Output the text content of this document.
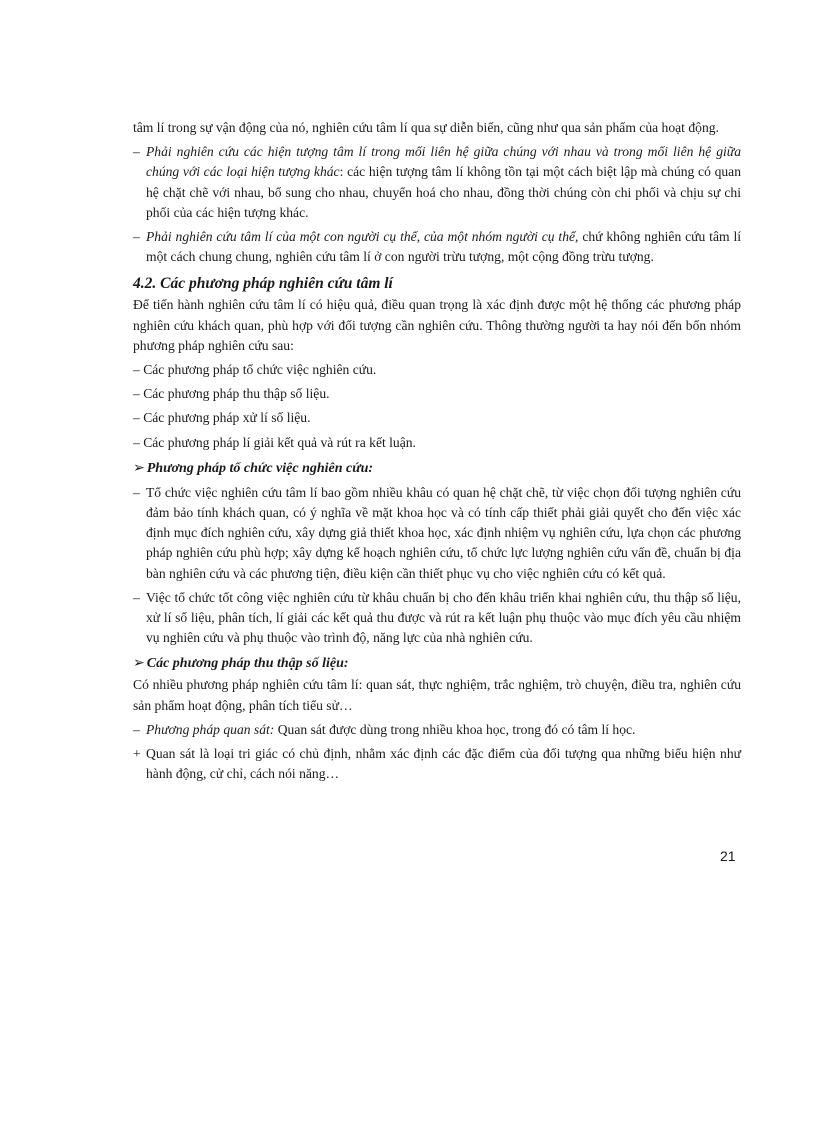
tâm lí trong sự vận động của nó, nghiên cứu tâm lí qua sự diễn biến, cũng như qua sản phẩm của hoạt động.

– Phải nghiên cứu các hiện tượng tâm lí trong mối liên hệ giữa chúng với nhau và trong mối liên hệ giữa chúng với các loại hiện tượng khác: các hiện tượng tâm lí không tồn tại một cách biệt lập mà chúng có quan hệ chặt chẽ với nhau, bổ sung cho nhau, chuyển hoá cho nhau, đồng thời chúng còn chi phối và chịu sự chi phối của các hiện tượng khác.

– Phải nghiên cứu tâm lí của một con người cụ thể, của một nhóm người cụ thể, chứ không nghiên cứu tâm lí một cách chung chung, nghiên cứu tâm lí ở con người trừu tượng, một cộng đồng trừu tượng.

4.2. Các phương pháp nghiên cứu tâm lí

Để tiến hành nghiên cứu tâm lí có hiệu quả, điều quan trọng là xác định được một hệ thống các phương pháp nghiên cứu khách quan, phù hợp với đối tượng cần nghiên cứu. Thông thường người ta hay nói đến bốn nhóm phương pháp nghiên cứu sau:

– Các phương pháp tổ chức việc nghiên cứu.

– Các phương pháp thu thập số liệu.

– Các phương pháp xử lí số liệu.

– Các phương pháp lí giải kết quả và rút ra kết luận.

➢ Phương pháp tổ chức việc nghiên cứu:

– Tổ chức việc nghiên cứu tâm lí bao gồm nhiều khâu có quan hệ chặt chẽ, từ việc chọn đối tượng nghiên cứu đảm bảo tính khách quan, có ý nghĩa về mặt khoa học và có tính cấp thiết phải giải quyết cho đến việc xác định mục đích nghiên cứu, xây dựng giả thiết khoa học, xác định nhiệm vụ nghiên cứu, lựa chọn các phương pháp nghiên cứu phù hợp; xây dựng kế hoạch nghiên cứu, tổ chức lực lượng nghiên cứu vấn đề, chuẩn bị địa bàn nghiên cứu và các phương tiện, điều kiện cần thiết phục vụ cho việc nghiên cứu có kết quả.

– Việc tổ chức tốt công việc nghiên cứu từ khâu chuẩn bị cho đến khâu triển khai nghiên cứu, thu thập số liệu, xử lí số liệu, phân tích, lí giải các kết quả thu được và rút ra kết luận phụ thuộc vào mục đích yêu cầu nhiệm vụ nghiên cứu và phụ thuộc vào trình độ, năng lực của nhà nghiên cứu.

➢ Các phương pháp thu thập số liệu:

Có nhiều phương pháp nghiên cứu tâm lí: quan sát, thực nghiệm, trắc nghiệm, trò chuyện, điều tra, nghiên cứu sản phẩm hoạt động, phân tích tiểu sử…

– Phương pháp quan sát: Quan sát được dùng trong nhiều khoa học, trong đó có tâm lí học.

+ Quan sát là loại tri giác có chủ định, nhằm xác định các đặc điểm của đối tượng qua những biểu hiện như hành động, cử chỉ, cách nói năng…

21
